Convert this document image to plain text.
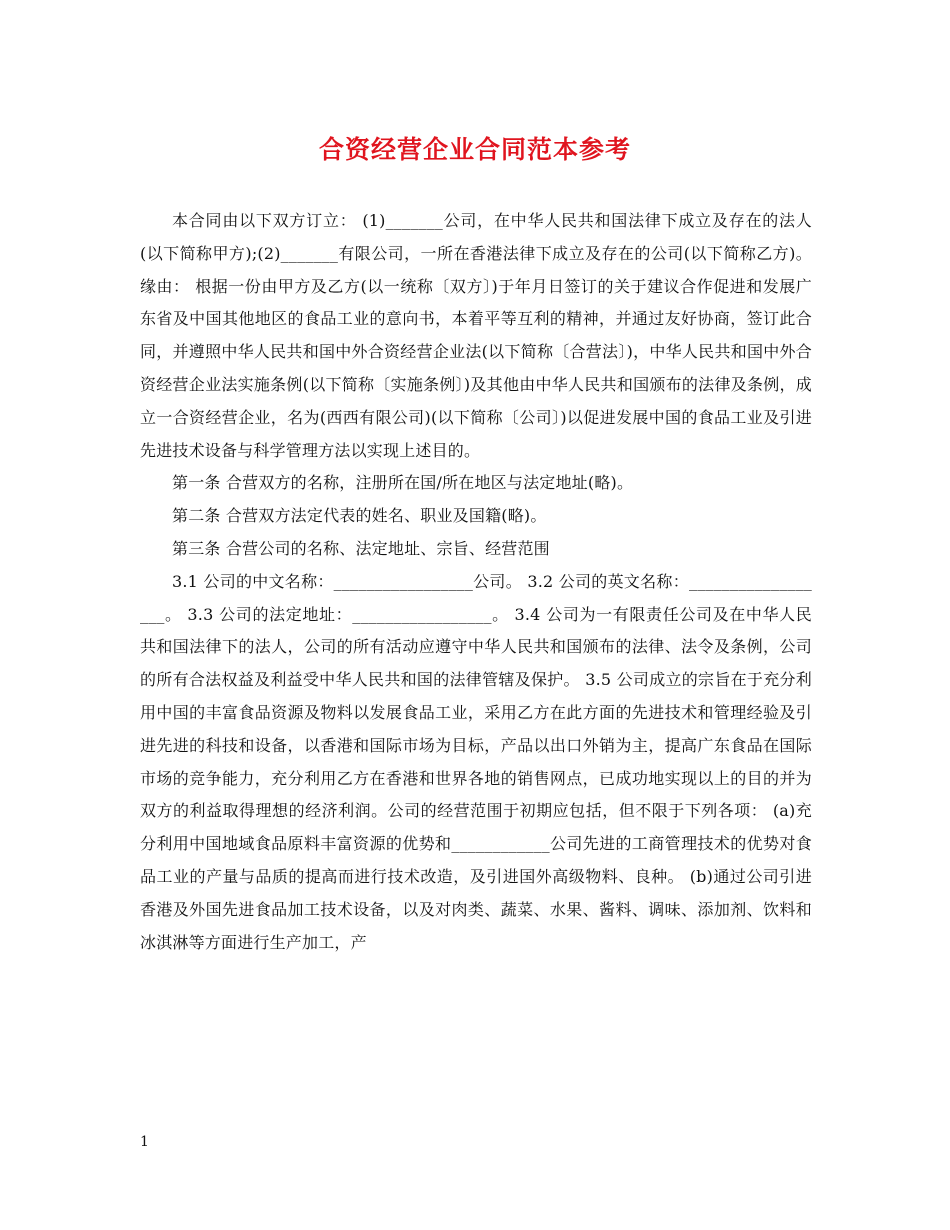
合资经营企业合同范本参考

本合同由以下双方订立： (1)_______公司，在中华人民共和国法律下成立及存在的法人(以下简称甲方);(2)_______有限公司，一所在香港法律下成立及存在的公司(以下简称乙方)。 缘由： 根据一份由甲方及乙方(以一统称〔双方〕)于年月日签订的关于建议合作促进和发展广东省及中国其他地区的食品工业的意向书，本着平等互利的精神，并通过友好协商，签订此合同，并遵照中华人民共和国中外合资经营企业法(以下简称〔合营法〕)，中华人民共和国中外合资经营企业法实施条例(以下简称〔实施条例〕)及其他由中华人民共和国颁布的法律及条例，成立一合资经营企业，名为(西西有限公司)(以下简称〔公司〕)以促进发展中国的食品工业及引进先进技术设备与科学管理方法以实现上述目的。

第一条 合营双方的名称，注册所在国/所在地区与法定地址(略)。

第二条 合营双方法定代表的姓名、职业及国籍(略)。

第三条 合营公司的名称、法定地址、宗旨、经营范围

3.1 公司的中文名称：_________________公司。 3.2 公司的英文名称：__________________。 3.3 公司的法定地址：_________________。 3.4 公司为一有限责任公司及在中华人民共和国法律下的法人，公司的所有活动应遵守中华人民共和国颁布的法律、法令及条例，公司的所有合法权益及利益受中华人民共和国的法律管辖及保护。 3.5 公司成立的宗旨在于充分利用中国的丰富食品资源及物料以发展食品工业，采用乙方在此方面的先进技术和管理经验及引进先进的科技和设备，以香港和国际市场为目标，产品以出口外销为主，提高广东食品在国际市场的竞争能力，充分利用乙方在香港和世界各地的销售网点，已成功地实现以上的目的并为双方的利益取得理想的经济利润。公司的经营范围于初期应包括，但不限于下列各项： (a)充分利用中国地域食品原料丰富资源的优势和____________公司先进的工商管理技术的优势对食品工业的产量与品质的提高而进行技术改造，及引进国外高级物料、良种。 (b)通过公司引进香港及外国先进食品加工技术设备，以及对肉类、蔬菜、水果、酱料、调味、添加剂、饮料和冰淇淋等方面进行生产加工，产

1
